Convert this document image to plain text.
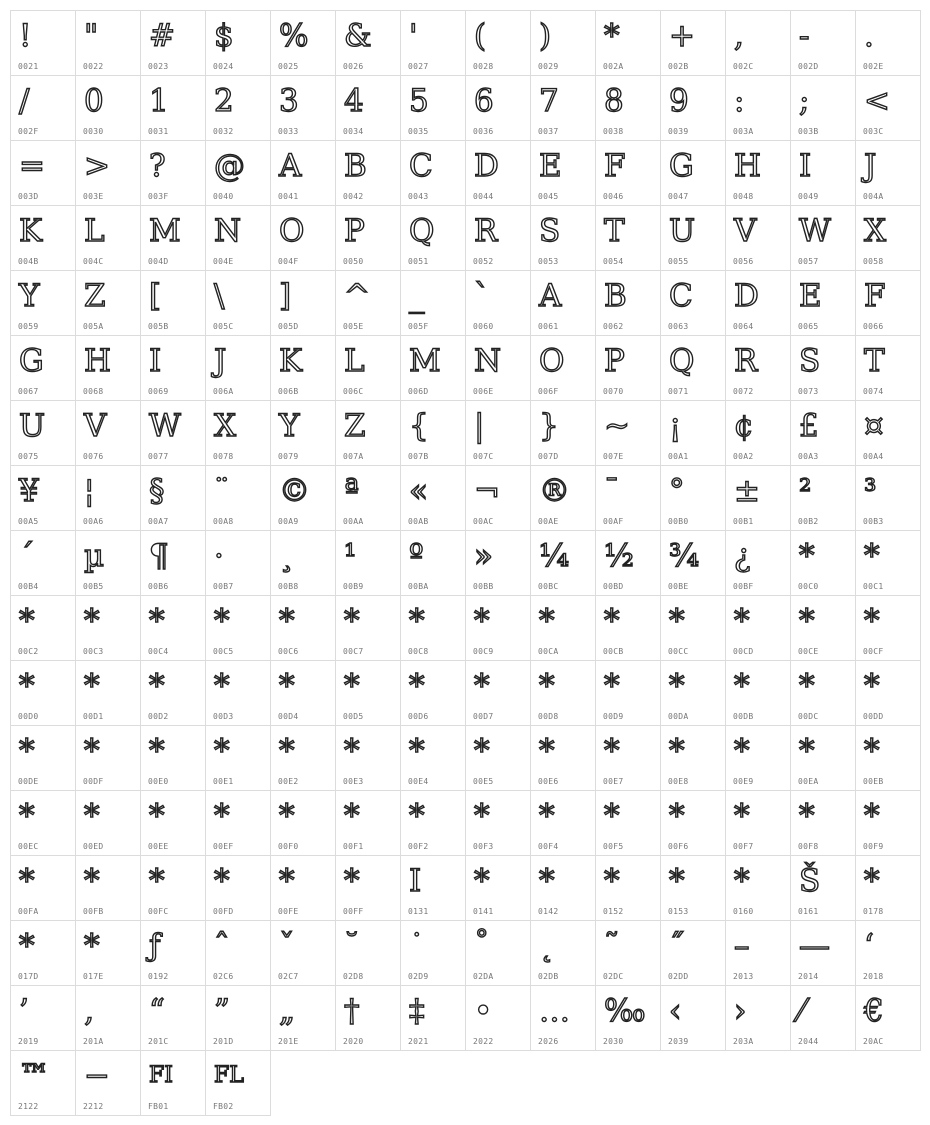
!
0021
"
0022
#
0023
$
0024
%
0025
&
0026
'
0027
(
0028
)
0029
*
002A
+
002B
,
002C
-
002D
.
002E
/
002F
0
0030
1
0031
2
0032
3
0033
4
0034
5
0035
6
0036
7
0037
8
0038
9
0039
:
003A
;
003B
<
003C
=
003D
>
003E
?
003F
@
0040
A
0041
B
0042
C
0043
D
0044
E
0045
F
0046
G
0047
H
0048
I
0049
J
004A
K
004B
L
004C
M
004D
N
004E
O
004F
P
0050
Q
0051
R
0052
S
0053
T
0054
U
0055
V
0056
W
0057
X
0058
Y
0059
Z
005A
[
005B
\
005C
]
005D
^
005E
_
005F
`
0060
A
0061
B
0062
C
0063
D
0064
E
0065
F
0066
G
0067
H
0068
I
0069
J
006A
K
006B
L
006C
M
006D
N
006E
O
006F
P
0070
Q
0071
R
0072
S
0073
T
0074
U
0075
V
0076
W
0077
X
0078
Y
0079
Z
007A
{
007B
|
007C
}
007D
~
007E
¡
00A1
¢
00A2
£
00A3
¤
00A4
¥
00A5
¦
00A6
§
00A7
¨
00A8
©
00A9
ª
00AA
«
00AB
¬
00AC
®
00AE
¯
00AF
°
00B0
±
00B1
²
00B2
³
00B3
´
00B4
µ
00B5
¶
00B6
·
00B7
¸
00B8
¹
00B9
º
00BA
»
00BB
¼
00BC
½
00BD
¾
00BE
¿
00BF
*
00C0
*
00C1
*
00C2
*
00C3
*
00C4
*
00C5
*
00C6
*
00C7
*
00C8
*
00C9
*
00CA
*
00CB
*
00CC
*
00CD
*
00CE
*
00CF
*
00D0
*
00D1
*
00D2
*
00D3
*
00D4
*
00D5
*
00D6
*
00D7
*
00D8
*
00D9
*
00DA
*
00DB
*
00DC
*
00DD
*
00DE
*
00DF
*
00E0
*
00E1
*
00E2
*
00E3
*
00E4
*
00E5
*
00E6
*
00E7
*
00E8
*
00E9
*
00EA
*
00EB
*
00EC
*
00ED
*
00EE
*
00EF
*
00F0
*
00F1
*
00F2
*
00F3
*
00F4
*
00F5
*
00F6
*
00F7
*
00F8
*
00F9
*
00FA
*
00FB
*
00FC
*
00FD
*
00FE
*
00FF
I
0131
*
0141
*
0142
*
0152
*
0153
*
0160
Š
0161
*
0178
*
017D
*
017E
ƒ
0192
ˆ
02C6
ˇ
02C7
˘
02D8
˙
02D9
˚
02DA
˛
02DB
˜
02DC
˝
02DD
–
2013
—
2014
‘
2018
’
2019
‚
201A
“
201C
”
201D
„
201E
†
2020
‡
2021
•
2022
…
2026
‰
2030
‹
2039
›
203A
⁄
2044
€
20AC
™
2122
−
2212
FI
FB01
FL
FB02
